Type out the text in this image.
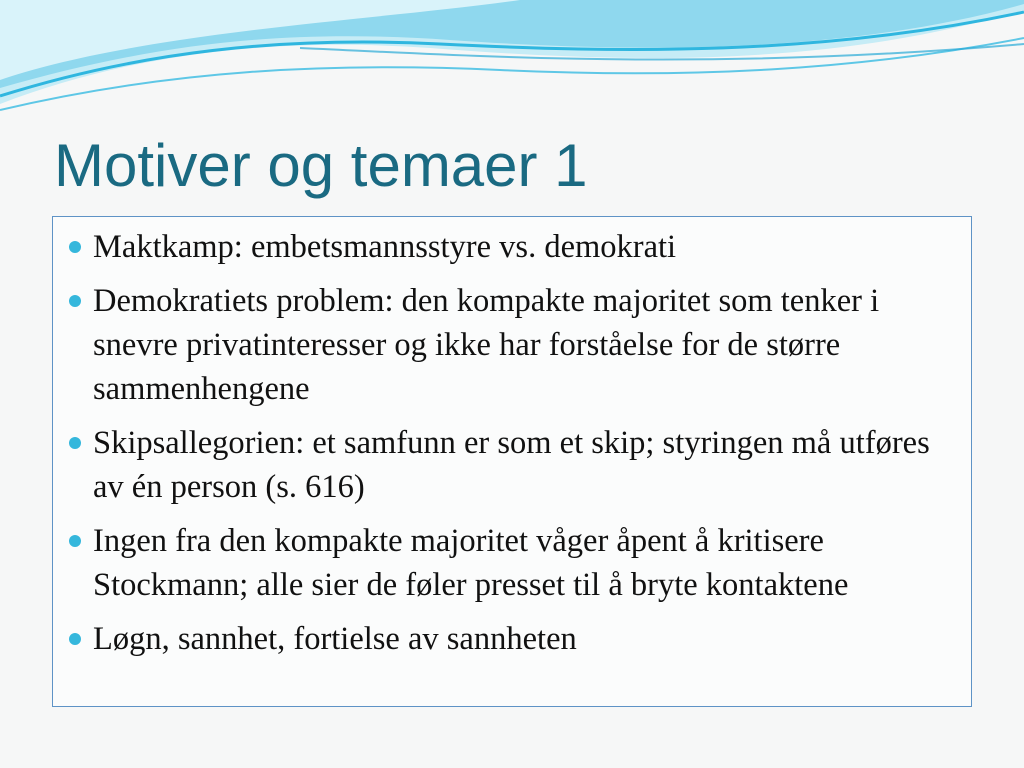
Motiver og temaer 1
Maktkamp: embetsmannsstyre vs. demokrati
Demokratiets problem: den kompakte majoritet som tenker i snevre privatinteresser og ikke har forståelse for de større sammenhengene
Skipsallegorien: et samfunn er som et skip; styringen må utføres av én person (s. 616)
Ingen fra den kompakte majoritet våger åpent å kritisere Stockmann; alle sier de føler presset til å bryte kontaktene
Løgn, sannhet, fortielse av sannheten
